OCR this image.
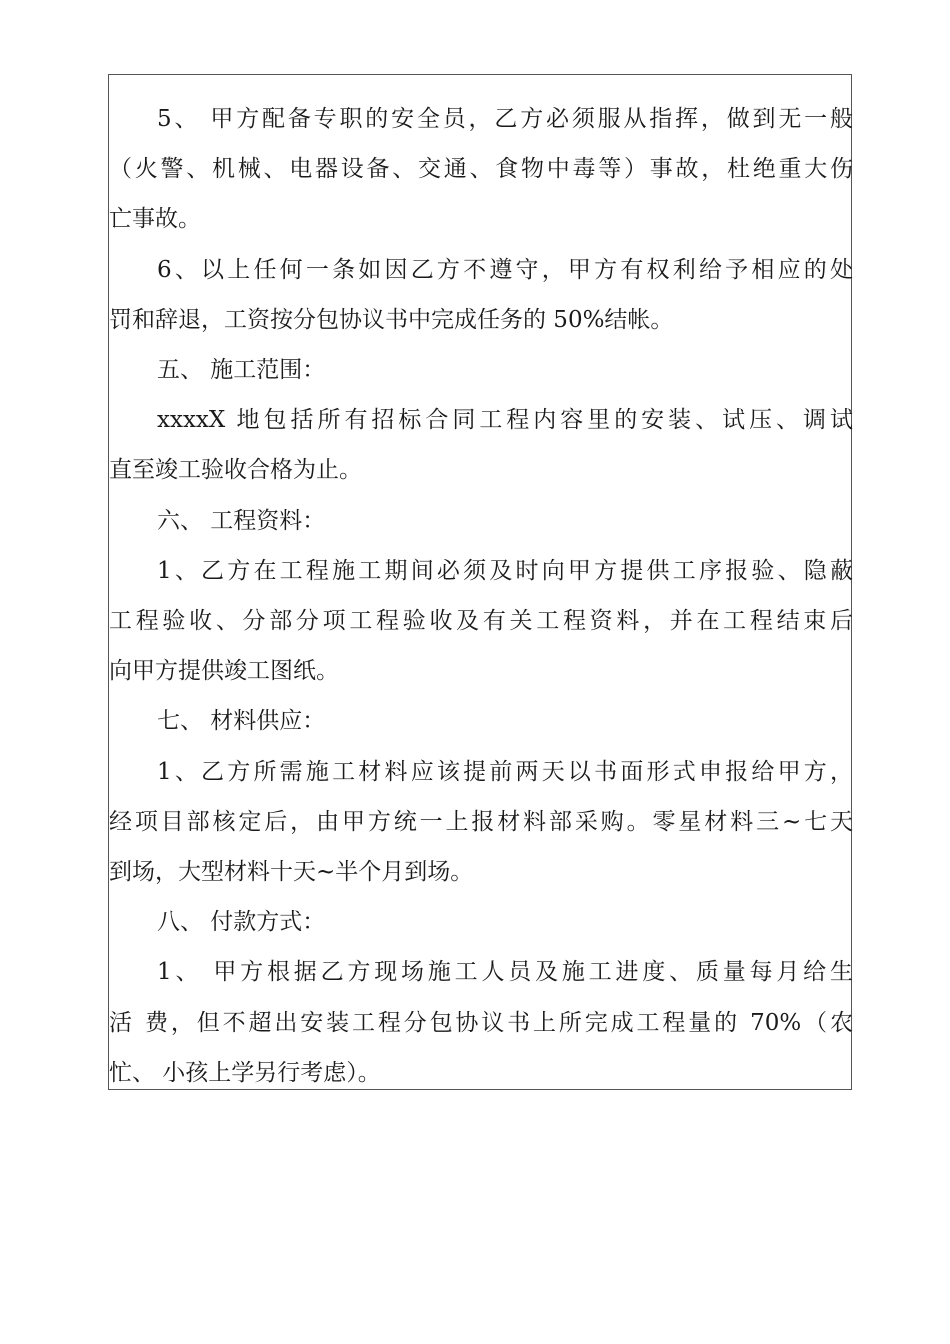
5、 甲方配备专职的安全员，乙方必须服从指挥，做到无一般
（火警、机械、电器设备、交通、食物中毒等）事故，杜绝重大伤
亡事故。
6、以上任何一条如因乙方不遵守，甲方有权利给予相应的处
罚和辞退，工资按分包协议书中完成任务的 50%结帐。
五、 施工范围：
xxxxX 地包括所有招标合同工程内容里的安装、试压、调试
直至竣工验收合格为止。
六、 工程资料：
1、乙方在工程施工期间必须及时向甲方提供工序报验、隐蔽
工程验收、分部分项工程验收及有关工程资料，并在工程结束后
向甲方提供竣工图纸。
七、 材料供应：
1、乙方所需施工材料应该提前两天以书面形式申报给甲方，
经项目部核定后，由甲方统一上报材料部采购。零星材料三~七天
到场，大型材料十天~半个月到场。
八、 付款方式：
1、 甲方根据乙方现场施工人员及施工进度、质量每月给生
活 费，但不超出安装工程分包协议书上所完成工程量的 70%（农
忙、 小孩上学另行考虑）。
